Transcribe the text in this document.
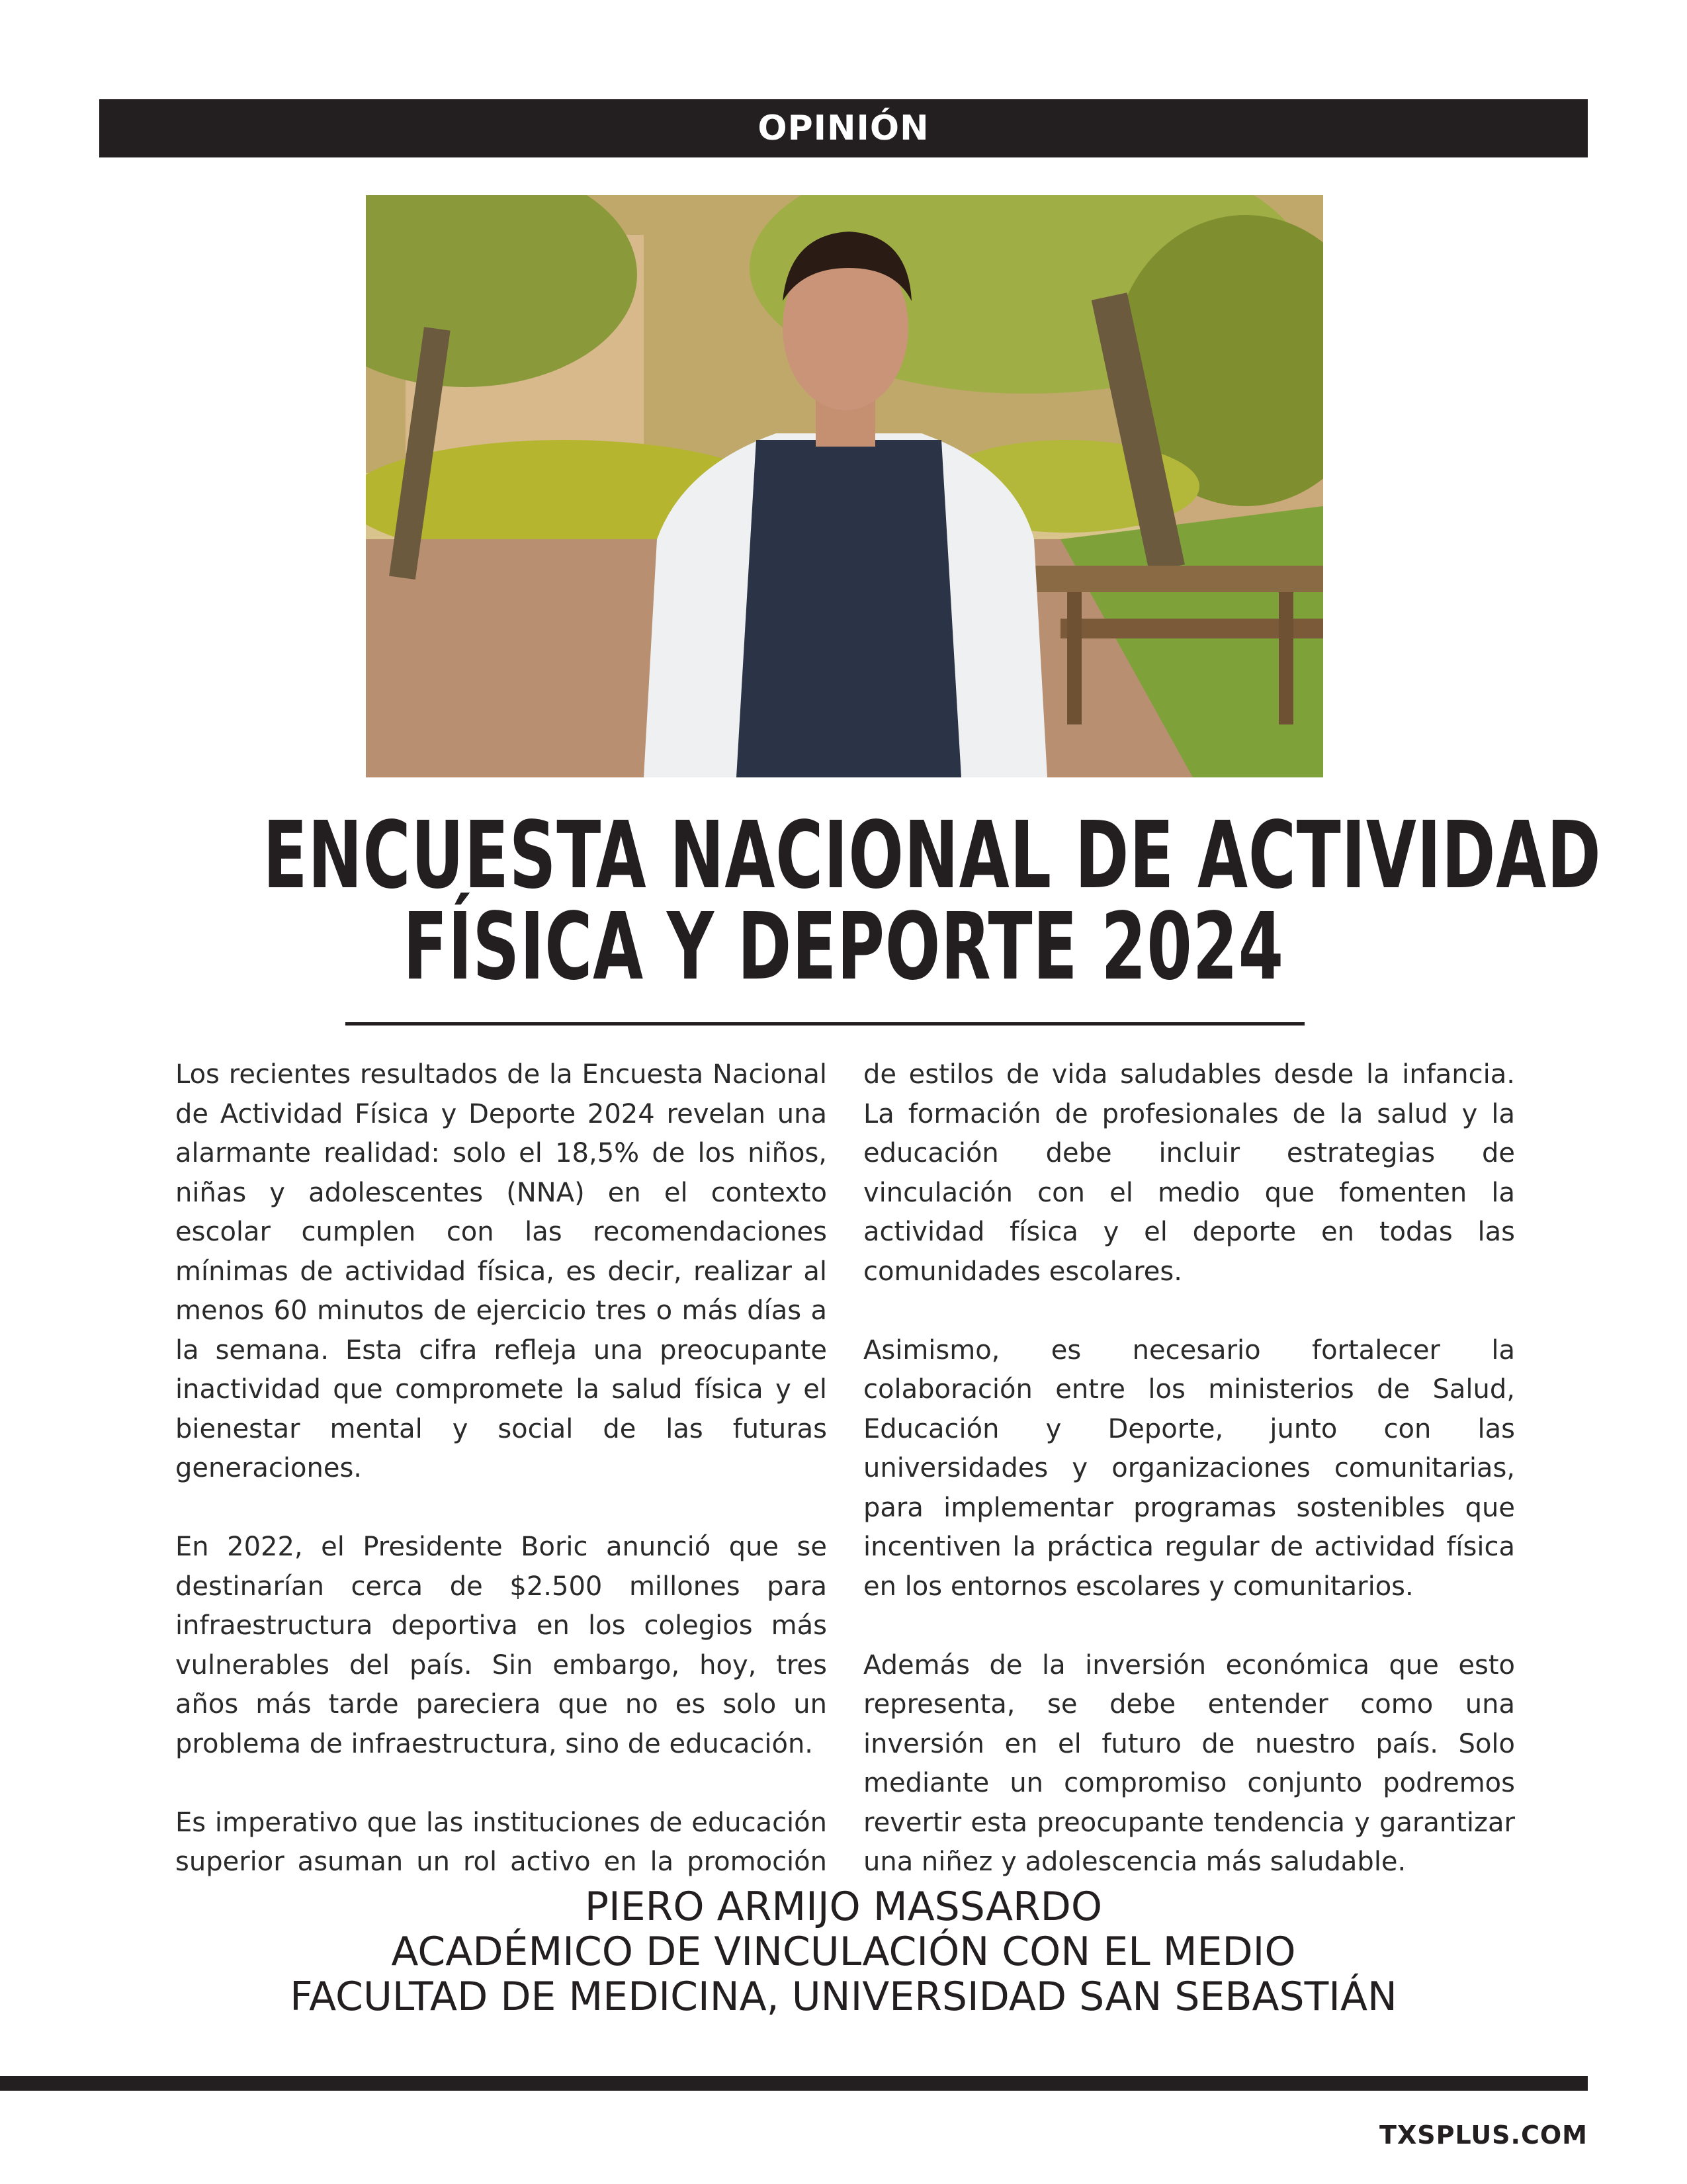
OPINIÓN
ENCUESTA NACIONAL DE ACTIVIDAD
FÍSICA Y DEPORTE 2024

Los recientes resultados de la Encuesta Nacional de Actividad Física y Deporte 2024 revelan una alarmante realidad: solo el 18,5% de los niños, niñas y adolescentes (NNA) en el contexto escolar cumplen con las recomendaciones mínimas de actividad física, es decir, realizar al menos 60 minutos de ejercicio tres o más días a la semana. Esta cifra refleja una preocupante inactividad que compromete la salud física y el bienestar mental y social de las futuras generaciones.

En 2022, el Presidente Boric anunció que se destinarían cerca de $2.500 millones para infraestructura deportiva en los colegios más vulnerables del país. Sin embargo, hoy, tres años más tarde pareciera que no es solo un problema de infraestructura, sino de educación.

Es imperativo que las instituciones de educación superior asuman un rol activo en la promoción

de estilos de vida saludables desde la infancia. La formación de profesionales de la salud y la educación debe incluir estrategias de vinculación con el medio que fomenten la actividad física y el deporte en todas las comunidades escolares.

Asimismo, es necesario fortalecer la colaboración entre los ministerios de Salud, Educación y Deporte, junto con las universidades y organizaciones comunitarias, para implementar programas sostenibles que incentiven la práctica regular de actividad física en los entornos escolares y comunitarios.

Además de la inversión económica que esto representa, se debe entender como una inversión en el futuro de nuestro país. Solo mediante un compromiso conjunto podremos revertir esta preocupante tendencia y garantizar una niñez y adolescencia más saludable.

PIERO ARMIJO MASSARDO
ACADÉMICO DE VINCULACIÓN CON EL MEDIO
FACULTAD DE MEDICINA, UNIVERSIDAD SAN SEBASTIÁN
TXSPLUS.COM
